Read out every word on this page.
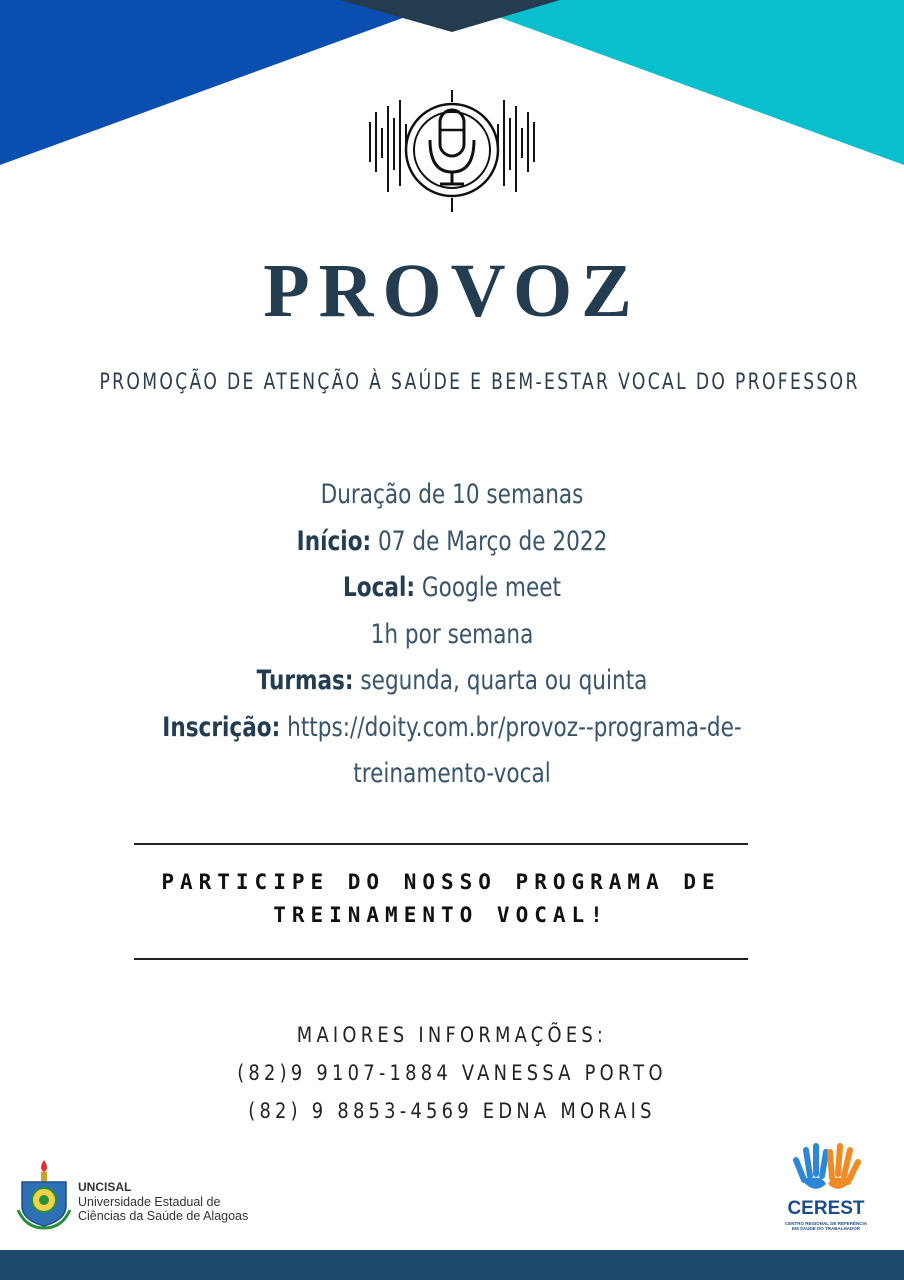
PROVOZ
PROMOÇÃO DE ATENÇÃO À SAÚDE E BEM-ESTAR VOCAL DO PROFESSOR
Duração de 10 semanas
Início: 07 de Março de 2022
Local: Google meet
1h por semana
Turmas: segunda, quarta ou quinta
Inscrição: https://doity.com.br/provoz--programa-de-
treinamento-vocal
PARTICIPE DO NOSSO PROGRAMA DE
TREINAMENTO VOCAL!
MAIORES INFORMAÇÕES:
(82)9 9107-1884 VANESSA PORTO
(82) 9 8853-4569 EDNA MORAIS
UNCISAL
Universidade Estadual de
Ciências da Saúde de Alagoas	CEREST
CENTRO REGIONAL DE REFERÊNCIA
EM SAÚDE DO TRABALHADOR
